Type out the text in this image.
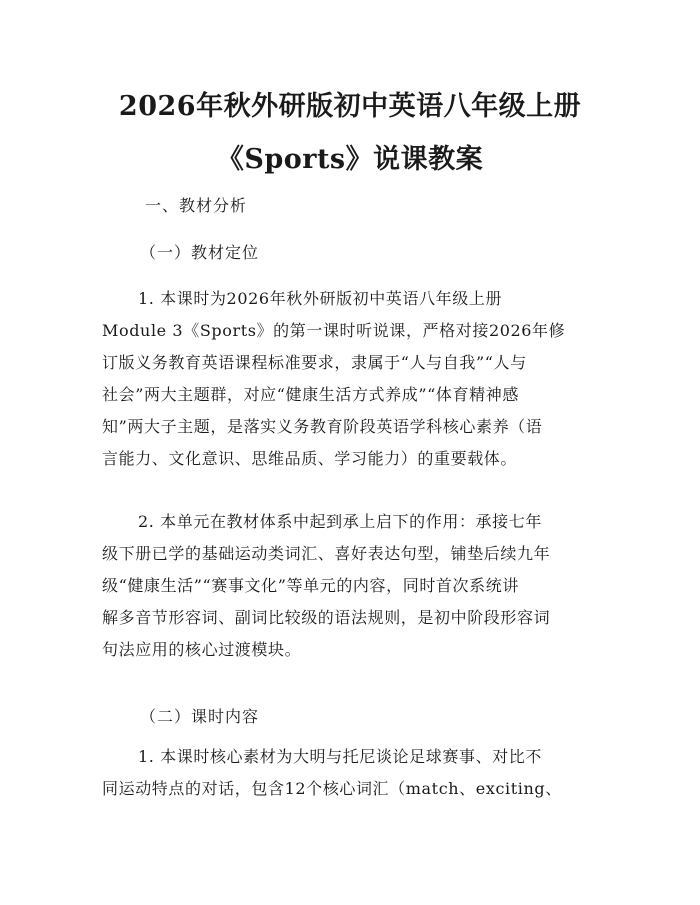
2026年秋外研版初中英语八年级上册
《Sports》说课教案
一、教材分析
（一）教材定位

1. 本课时为2026年秋外研版初中英语八年级上册
Module 3《Sports》的第一课时听说课，严格对接2026年修
订版义务教育英语课程标准要求，隶属于“人与自我”“人与
社会”两大主题群，对应“健康生活方式养成”“体育精神感
知”两大子主题，是落实义务教育阶段英语学科核心素养（语
言能力、文化意识、思维品质、学习能力）的重要载体。

2. 本单元在教材体系中起到承上启下的作用：承接七年
级下册已学的基础运动类词汇、喜好表达句型，铺垫后续九年
级“健康生活”“赛事文化”等单元的内容，同时首次系统讲
解多音节形容词、副词比较级的语法规则，是初中阶段形容词
句法应用的核心过渡模块。

（二）课时内容

1. 本课时核心素材为大明与托尼谈论足球赛事、对比不
同运动特点的对话，包含12个核心词汇（match、exciting、
